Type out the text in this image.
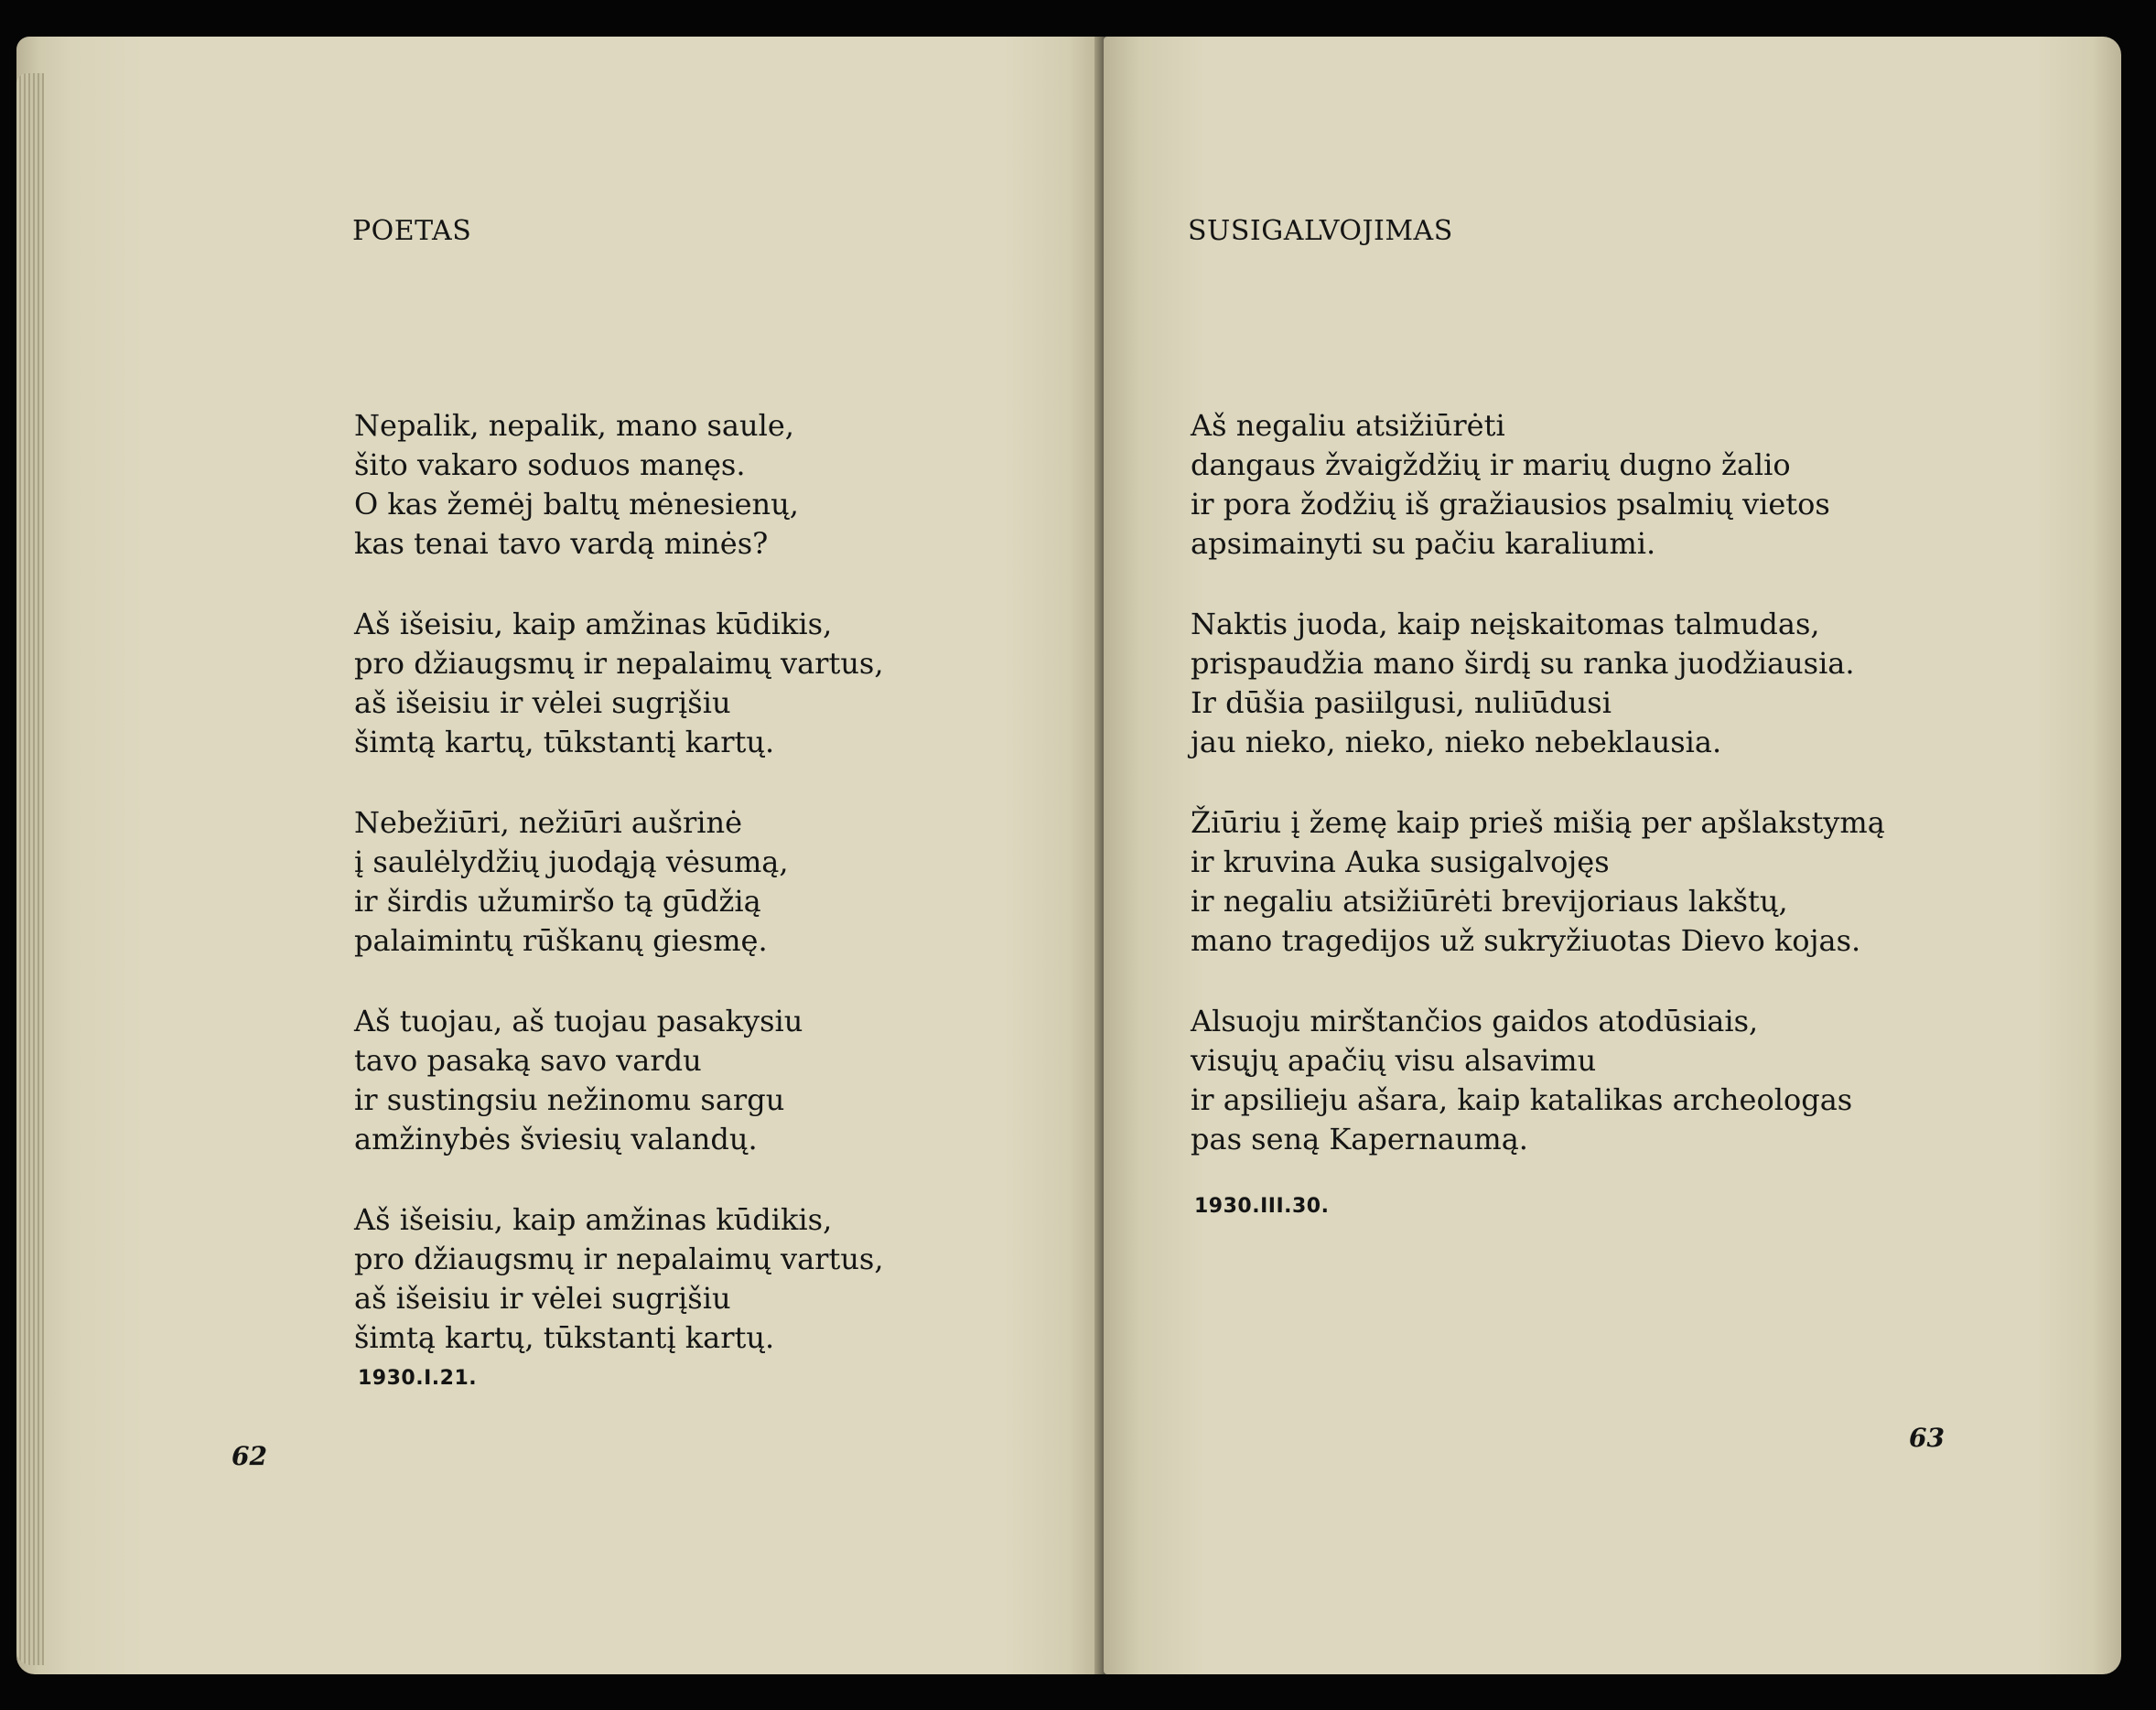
POETAS
Nepalik, nepalik, mano saule,
šito vakaro soduos manęs.
O kas žemėj baltų mėnesienų,
kas tenai tavo vardą minės?
Aš išeisiu, kaip amžinas kūdikis,
pro džiaugsmų ir nepalaimų vartus,
aš išeisiu ir vėlei sugrįšiu
šimtą kartų, tūkstantį kartų.
Nebežiūri, nežiūri aušrinė
į saulėlydžių juodąją vėsumą,
ir širdis užumiršo tą gūdžią
palaimintų rūškanų giesmę.
Aš tuojau, aš tuojau pasakysiu
tavo pasaką savo vardu
ir sustingsiu nežinomu sargu
amžinybės šviesių valandų.
Aš išeisiu, kaip amžinas kūdikis,
pro džiaugsmų ir nepalaimų vartus,
aš išeisiu ir vėlei sugrįšiu
šimtą kartų, tūkstantį kartų.
1930.I.21.
62
SUSIGALVOJIMAS
Aš negaliu atsižiūrėti
dangaus žvaigždžių ir marių dugno žalio
ir pora žodžių iš gražiausios psalmių vietos
apsimainyti su pačiu karaliumi.
Naktis juoda, kaip neįskaitomas talmudas,
prispaudžia mano širdį su ranka juodžiausia.
Ir dūšia pasiilgusi, nuliūdusi
jau nieko, nieko, nieko nebeklausia.
Žiūriu į žemę kaip prieš mišią per apšlakstymą
ir kruvina Auka susigalvojęs
ir negaliu atsižiūrėti brevijoriaus lakštų,
mano tragedijos už sukryžiuotas Dievo kojas.
Alsuoju mirštančios gaidos atodūsiais,
visųjų apačių visu alsavimu
ir apsilieju ašara, kaip katalikas archeologas
pas seną Kapernaumą.
1930.III.30.
63
